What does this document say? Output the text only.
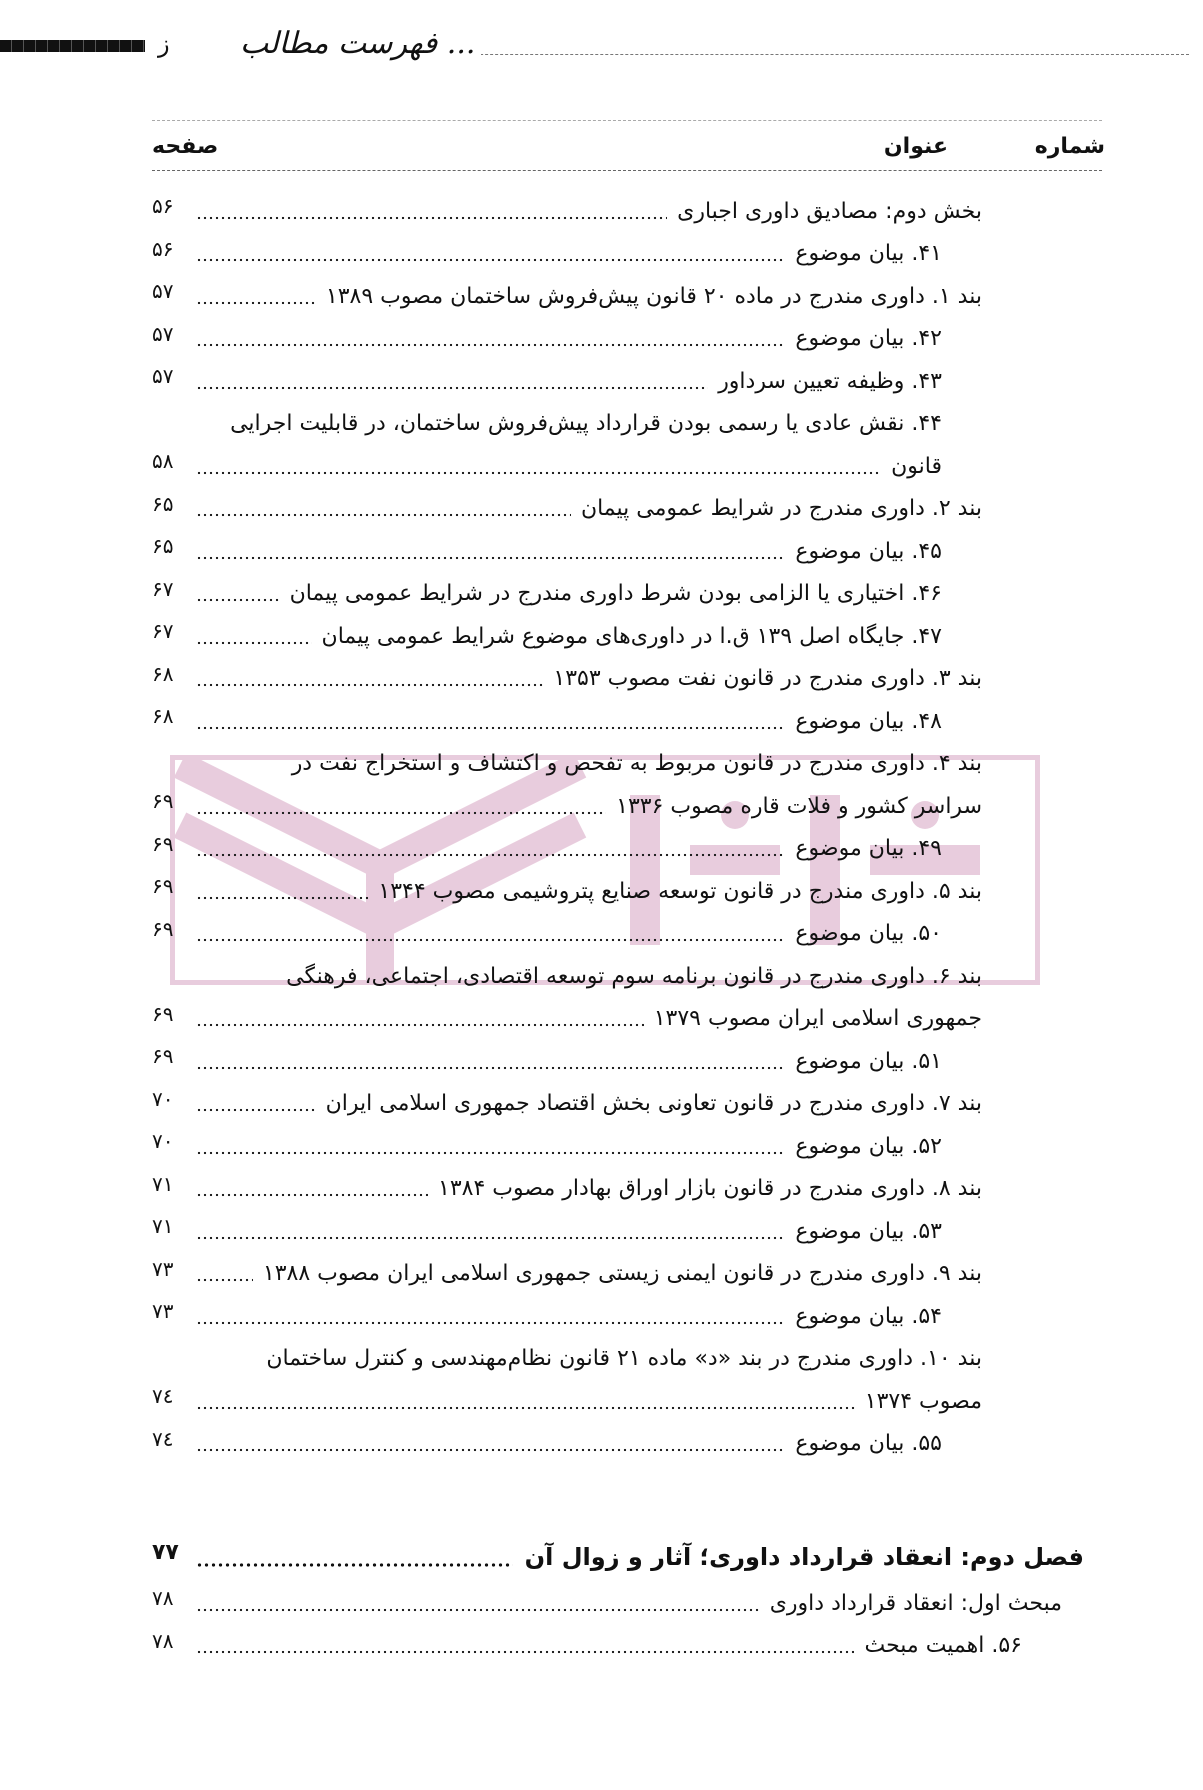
ز ... فهرست مطالب
شماره
عنوان
صفحه
بخش دوم: مصادیق داوری اجباری
۵۶
۴۱. بیان موضوع
۵۶
بند ۱. داوری مندرج در ماده ۲۰ قانون پیش‌فروش ساختمان مصوب ۱۳۸۹
۵۷
۴۲. بیان موضوع
۵۷
۴۳. وظیفه تعیین سرداور
۵۷
۴۴. نقش عادی یا رسمی بودن قرارداد پیش‌فروش ساختمان، در قابلیت اجرایی
قانون
۵۸
بند ۲. داوری مندرج در شرایط عمومی پیمان
۶۵
۴۵. بیان موضوع
۶۵
۴۶. اختیاری یا الزامی بودن شرط داوری مندرج در شرایط عمومی پیمان
۶۷
۴۷. جایگاه اصل ۱۳۹ ق.ا در داوری‌های موضوع شرایط عمومی پیمان
۶۷
بند ۳. داوری مندرج در قانون نفت مصوب ۱۳۵۳
۶۸
۴۸. بیان موضوع
۶۸
بند ۴. داوری مندرج در قانون مربوط به تفحص و اکتشاف و استخراج نفت در
سراسر کشور و فلات قاره مصوب ۱۳۳۶
۶۹
۴۹. بیان موضوع
۶۹
بند ۵. داوری مندرج در قانون توسعه صنایع پتروشیمی مصوب ۱۳۴۴
۶۹
۵۰. بیان موضوع
۶۹
بند ۶. داوری مندرج در قانون برنامه سوم توسعه اقتصادی، اجتماعی، فرهنگی
جمهوری اسلامی ایران مصوب ۱۳۷۹
۶۹
۵۱. بیان موضوع
۶۹
بند ۷. داوری مندرج در قانون تعاونی بخش اقتصاد جمهوری اسلامی ایران
۷۰
۵۲. بیان موضوع
۷۰
بند ۸. داوری مندرج در قانون بازار اوراق بهادار مصوب ۱۳۸۴
۷۱
۵۳. بیان موضوع
۷۱
بند ۹. داوری مندرج در قانون ایمنی زیستی جمهوری اسلامی ایران مصوب ۱۳۸۸
۷۳
۵۴. بیان موضوع
۷۳
بند ۱۰. داوری مندرج در بند «د» ماده ۲۱ قانون نظام‌مهندسی و کنترل ساختمان
مصوب ۱۳۷۴
۷٤
۵۵. بیان موضوع
۷٤
فصل دوم: انعقاد قرارداد داوری؛ آثار و زوال آن
۷۷
مبحث اول: انعقاد قرارداد داوری
۷۸
۵۶. اهمیت مبحث
۷۸
